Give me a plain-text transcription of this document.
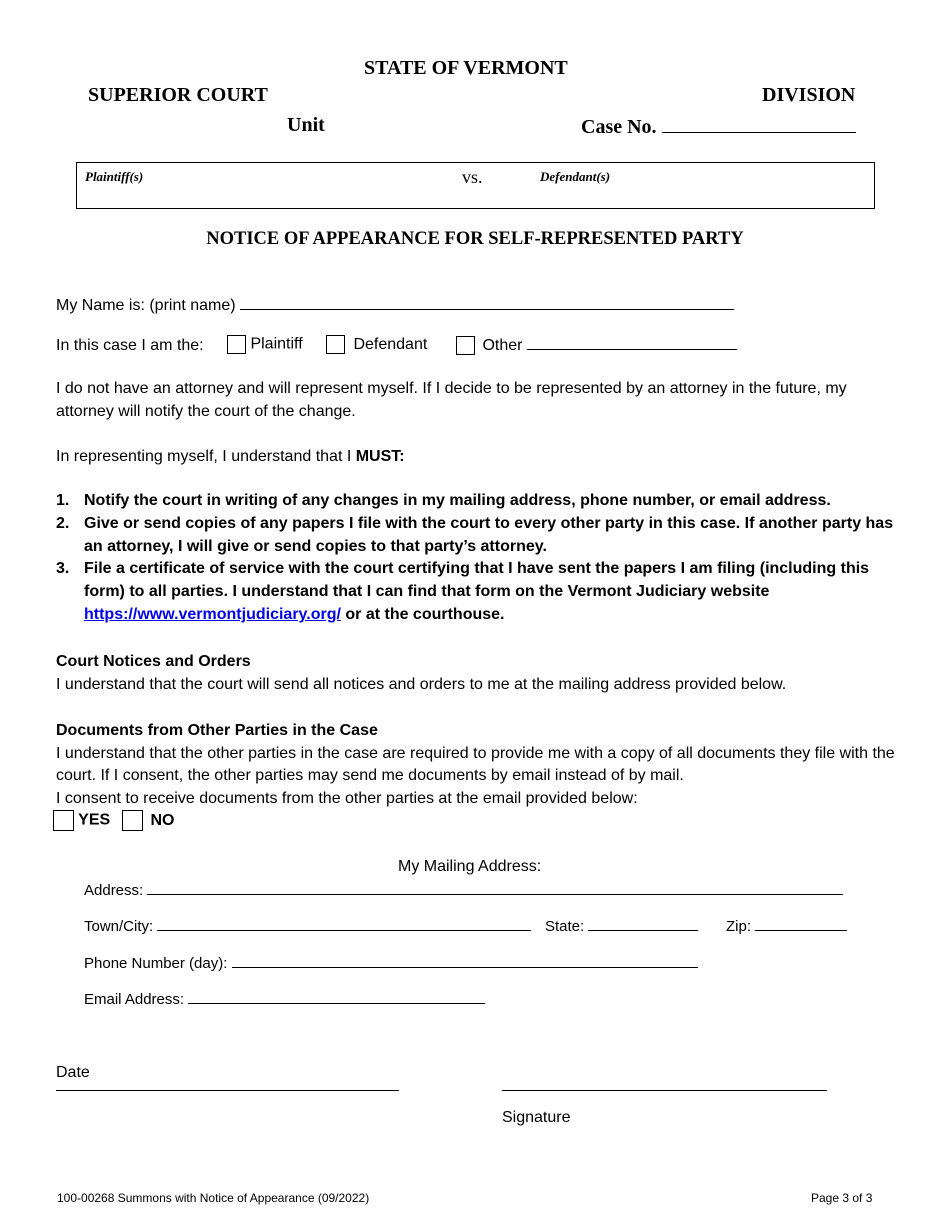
STATE OF VERMONT
SUPERIOR COURT	DIVISION
Unit	Case No.
Plaintiff(s)	vs.	Defendant(s)
NOTICE OF APPEARANCE FOR SELF-REPRESENTED PARTY
My Name is: (print name)
In this case I am the:	Plaintiff	Defendant	Other
I do not have an attorney and will represent myself. If I decide to be represented by an attorney in the future, my attorney will notify the court of the change.
In representing myself, I understand that I MUST:
1. Notify the court in writing of any changes in my mailing address, phone number, or email address.
2. Give or send copies of any papers I file with the court to every other party in this case. If another party has an attorney, I will give or send copies to that party’s attorney.
3. File a certificate of service with the court certifying that I have sent the papers I am filing (including this form) to all parties. I understand that I can find that form on the Vermont Judiciary website https://www.vermontjudiciary.org/ or at the courthouse.
Court Notices and Orders
I understand that the court will send all notices and orders to me at the mailing address provided below.
Documents from Other Parties in the Case
I understand that the other parties in the case are required to provide me with a copy of all documents they file with the court. If I consent, the other parties may send me documents by email instead of by mail.
I consent to receive documents from the other parties at the email provided below:
YES	NO
My Mailing Address:
Address:
Town/City:	State:	Zip:
Phone Number (day):
Email Address:
Date
Signature
100-00268 Summons with Notice of Appearance (09/2022)	Page 3 of 3
